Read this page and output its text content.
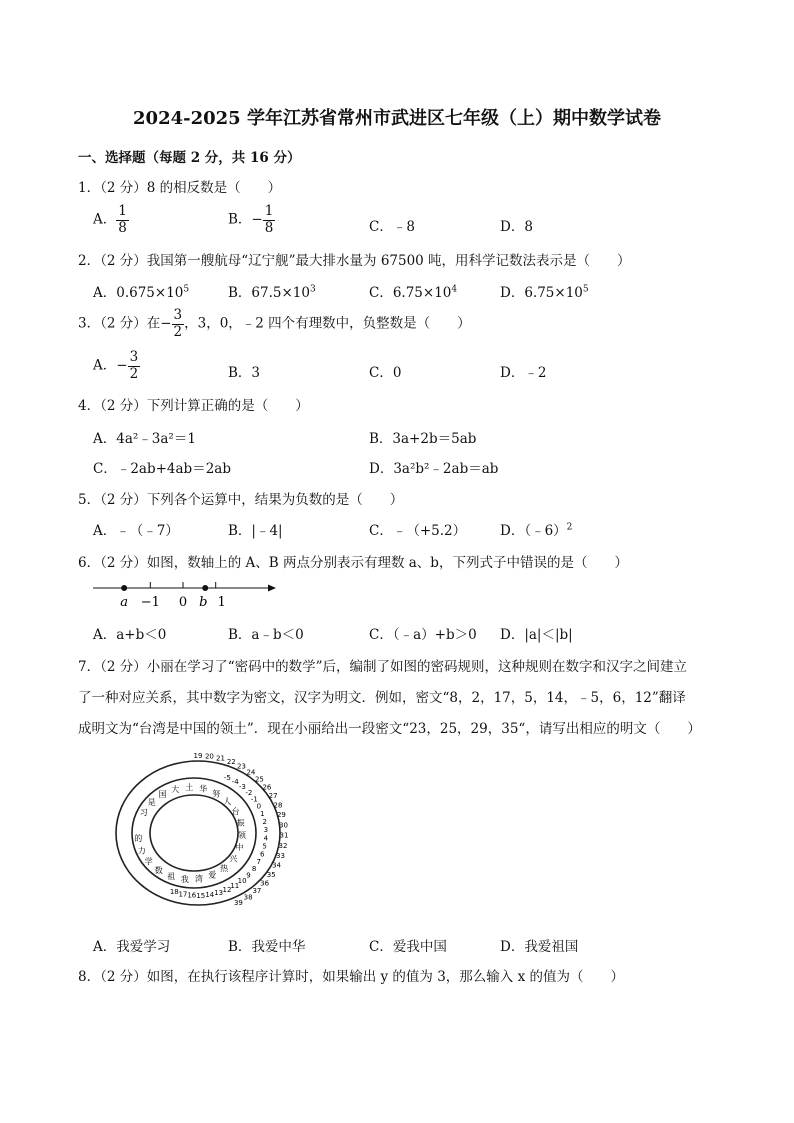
2024-2025 学年江苏省常州市武进区七年级（上）期中数学试卷
一、选择题（每题 2 分，共 16 分）
1．（2 分）8 的相反数是（　　）
A． $\frac{1}{8}$	B．− $\frac{1}{8}$	C．﹣8	D．8
2．（2 分）我国第一艘航母“辽宁舰”最大排水量为 67500 吨，用科学记数法表示是（　　）
A．$0.675\times 10^5$	B．$67.5\times 10^3$	C．$6.75\times 10^4$	D．$6.75\times 10^5$
3．（2 分）在− $\frac{3}{2}$ ，3，0，﹣2 四个有理数中，负整数是（　　）
A．− $\frac{3}{2}$	B．3	C．0	D．﹣2
4．（2 分）下列计算正确的是（　　）
A．4a²﹣3a²＝1	B．3a+2b＝5ab
C．﹣2ab+4ab＝2ab	D．3a²b²﹣2ab＝ab
5．（2 分）下列各个运算中，结果为负数的是（　　）
A．﹣（﹣7）	B．|﹣4|	C．﹣（+5.2）	D．（﹣6）$^2$
6．（2 分）如图，数轴上的 A、B 两点分别表示有理数 a、b，下列式子中错误的是（　　）
a −1 0 b 1
A．a+b＜0	B．a﹣b＜0	C．（﹣a）+b＞0 D．|a|＜|b|
7．（2 分）小丽在学习了“密码中的数学”后，编制了如图的密码规则，这种规则在数字和汉字之间建立
了一种对应关系，其中数字为密文，汉字为明文．例如，密文“8，2，17，5，14，﹣5，6，12”翻译
成明文为“台湾是中国的领土”．现在小丽给出一段密文“23，25，29，35“，请写出相应的明文（　　）
19 20 21 22
23
24
25
26
27
28
29
30
31
32
33
34
35
36
37
38
39
18 17 16 15 14 13 12
11
10
9
8
7
6
5
4
3
2
1
0
-1
-2
-3
-4
-5
习
是
国
大 土 华
努
人
台
振
领
中
兴
热
爱
湾
我
祖
数
学
力
的
A．我爱学习	B．我爱中华	C．爱我中国	D．我爱祖国
8．（2 分）如图，在执行该程序计算时，如果输出 y 的值为 3，那么输入 x 的值为（　　）
